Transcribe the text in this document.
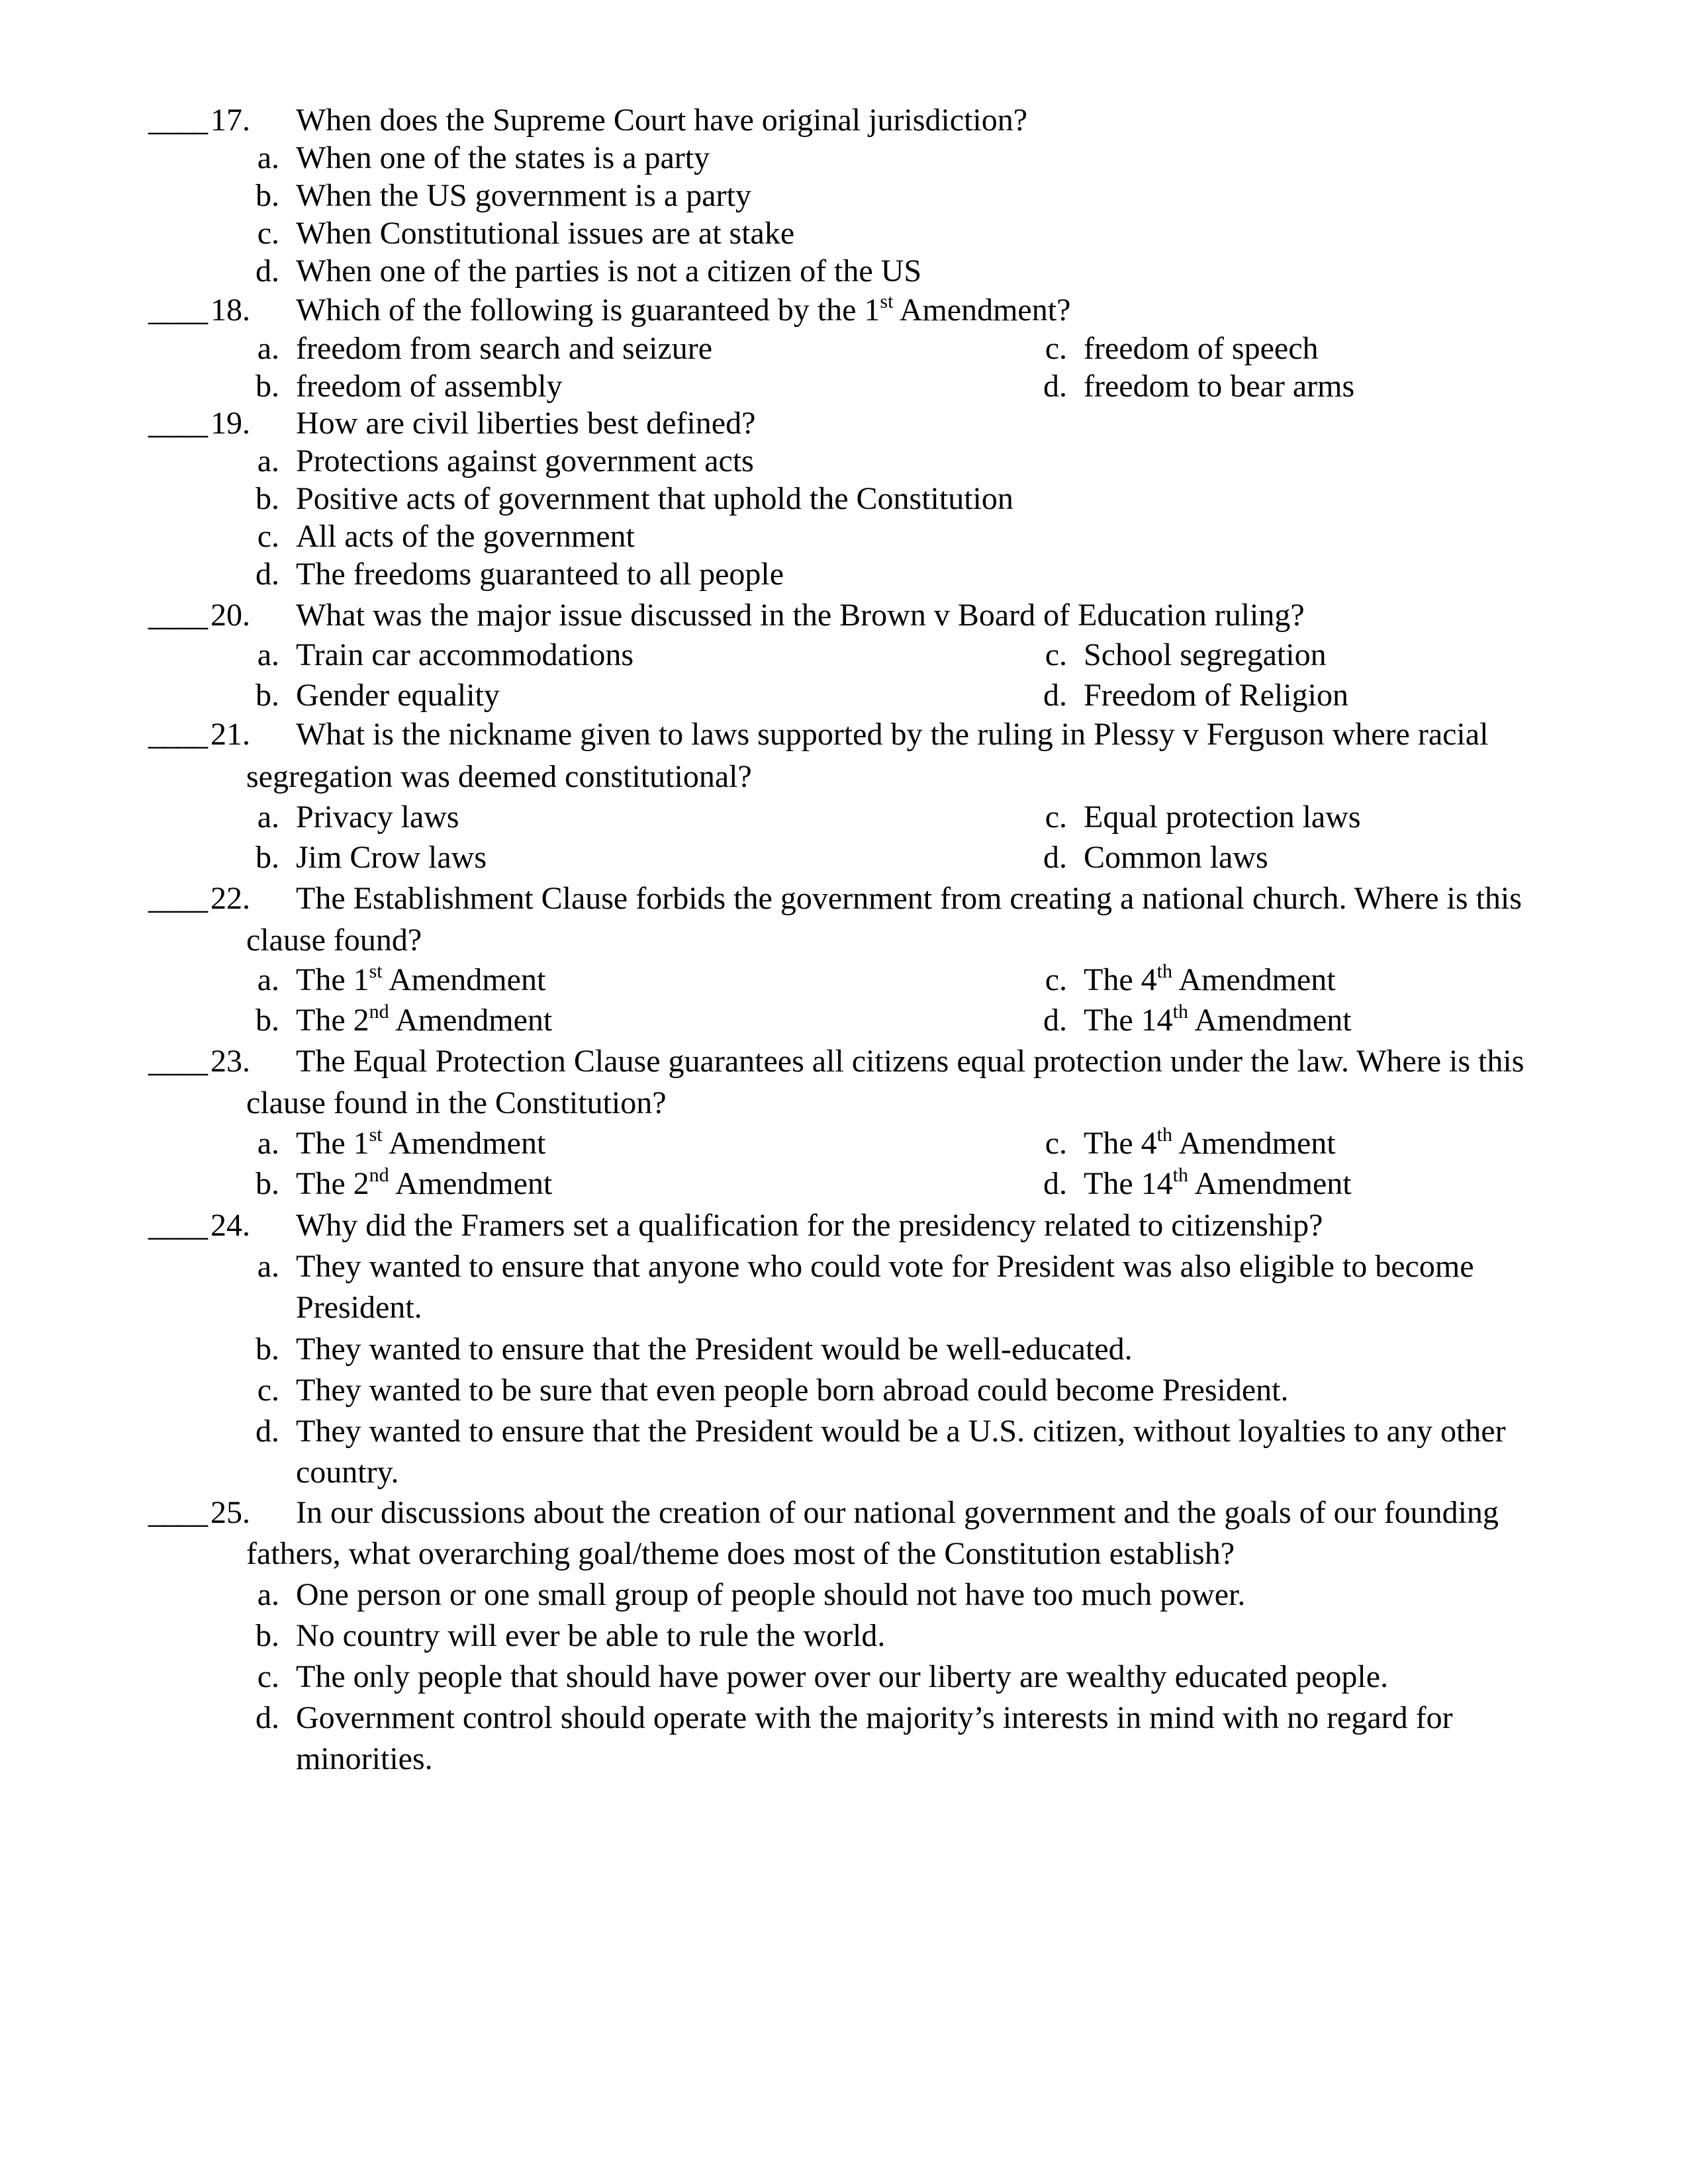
____ 17. When does the Supreme Court have original jurisdiction?
a. When one of the states is a party
b. When the US government is a party
c. When Constitutional issues are at stake
d. When one of the parties is not a citizen of the US
____ 18. Which of the following is guaranteed by the 1st Amendment?
a. freedom from search and seizure
b. freedom of assembly
c. freedom of speech
d. freedom to bear arms
____ 19. How are civil liberties best defined?
a. Protections against government acts
b. Positive acts of government that uphold the Constitution
c. All acts of the government
d. The freedoms guaranteed to all people
____ 20. What was the major issue discussed in the Brown v Board of Education ruling?
a. Train car accommodations
b. Gender equality
c. School segregation
d. Freedom of Religion
____ 21. What is the nickname given to laws supported by the ruling in Plessy v Ferguson where racial
segregation was deemed constitutional?
a. Privacy laws
b. Jim Crow laws
c. Equal protection laws
d. Common laws
____ 22. The Establishment Clause forbids the government from creating a national church. Where is this
clause found?
a. The 1st Amendment
b. The 2nd Amendment
c. The 4th Amendment
d. The 14th Amendment
____ 23. The Equal Protection Clause guarantees all citizens equal protection under the law. Where is this
clause found in the Constitution?
a. The 1st Amendment
b. The 2nd Amendment
c. The 4th Amendment
d. The 14th Amendment
____ 24. Why did the Framers set a qualification for the presidency related to citizenship?
a. They wanted to ensure that anyone who could vote for President was also eligible to become
President.
b. They wanted to ensure that the President would be well-educated.
c. They wanted to be sure that even people born abroad could become President.
d. They wanted to ensure that the President would be a U.S. citizen, without loyalties to any other
country.
____ 25. In our discussions about the creation of our national government and the goals of our founding
fathers, what overarching goal/theme does most of the Constitution establish?
a. One person or one small group of people should not have too much power.
b. No country will ever be able to rule the world.
c. The only people that should have power over our liberty are wealthy educated people.
d. Government control should operate with the majority’s interests in mind with no regard for
minorities.
